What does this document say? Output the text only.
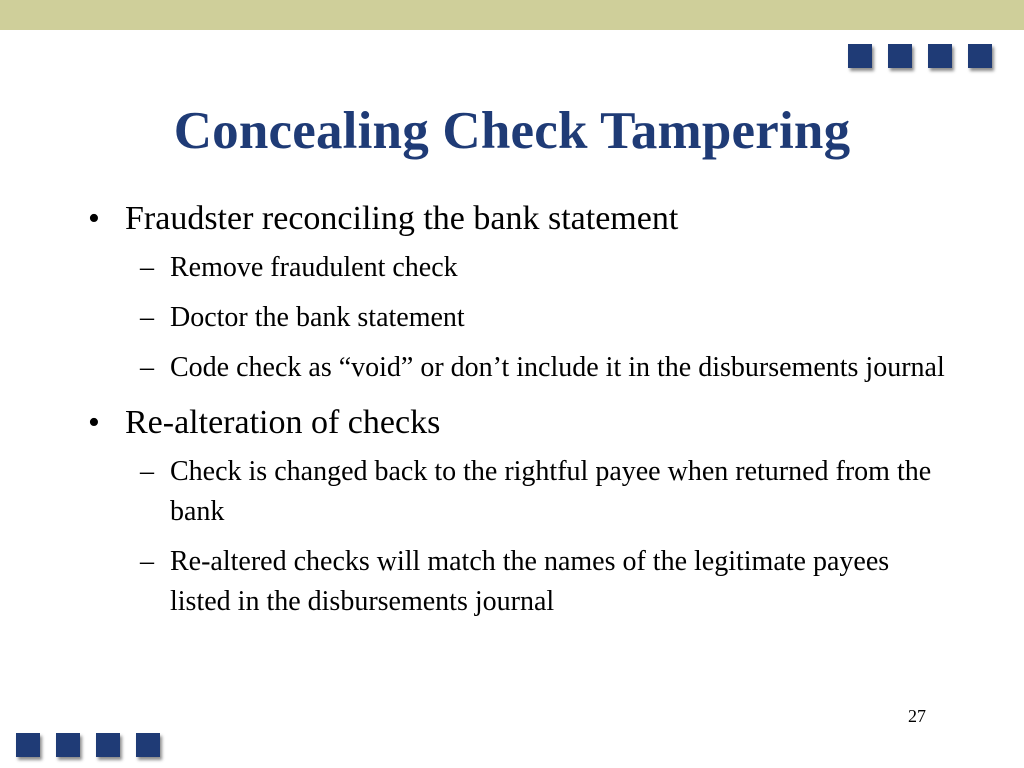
Concealing Check Tampering
• Fraudster reconciling the bank statement
– Remove fraudulent check
– Doctor the bank statement
– Code check as “void” or don’t include it in the disbursements journal
• Re-alteration of checks
– Check is changed back to the rightful payee when returned from the bank
– Re-altered checks will match the names of the legitimate payees listed in the disbursements journal
27
